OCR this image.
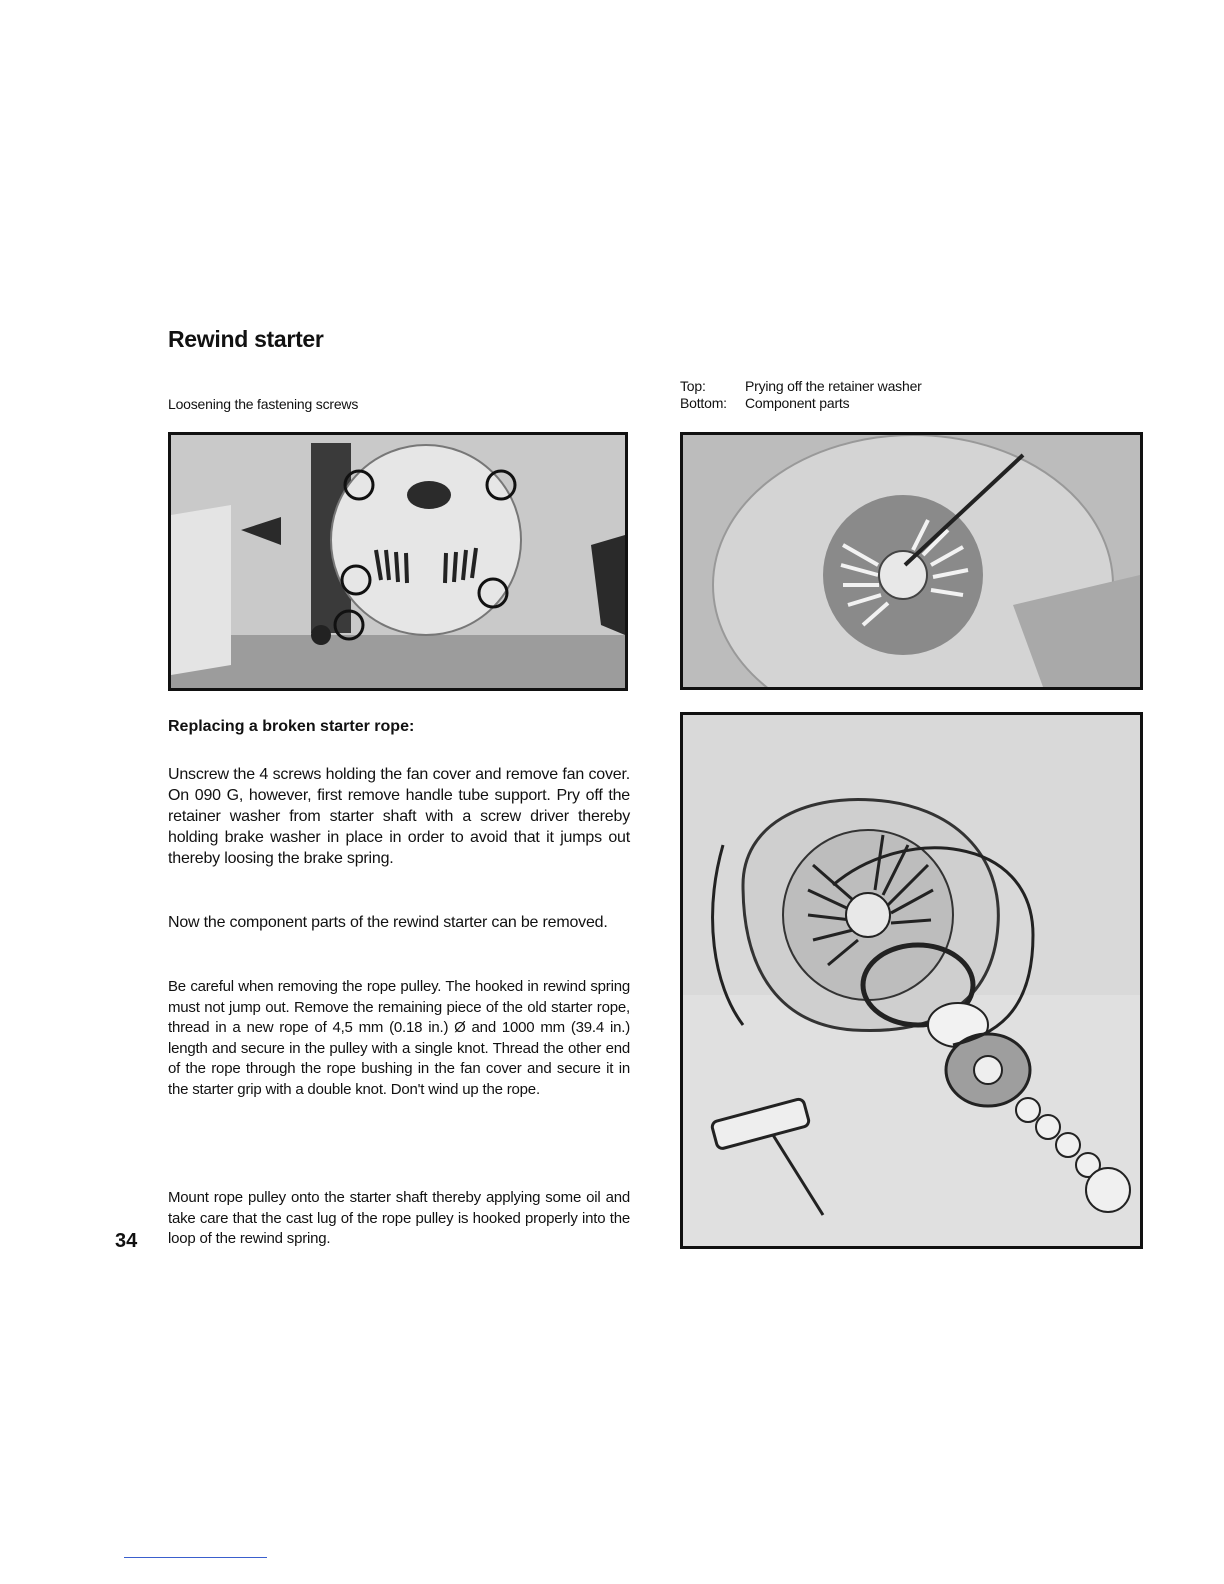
Rewind starter
Loosening the fastening screws
Top:	Prying off the retainer washer
Bottom:	Component parts
Replacing a broken starter rope:
Unscrew the 4 screws holding the fan cover and remove fan cover. On 090 G, however, first remove handle tube support. Pry off the retainer washer from starter shaft with a screw driver thereby holding brake washer in place in order to avoid that it jumps out thereby loosing the brake spring.
Now the component parts of the rewind starter can be removed.
Be careful when removing the rope pulley. The hooked in rewind spring must not jump out. Remove the remaining piece of the old starter rope, thread in a new rope of 4,5 mm (0.18 in.) Ø and 1000 mm (39.4 in.) length and secure in the pulley with a single knot. Thread the other end of the rope through the rope bushing in the fan cover and secure it in the starter grip with a double knot. Don't wind up the rope.
Mount rope pulley onto the starter shaft thereby applying some oil and take care that the cast lug of the rope pulley is hooked properly into the loop of the rewind spring.
34
